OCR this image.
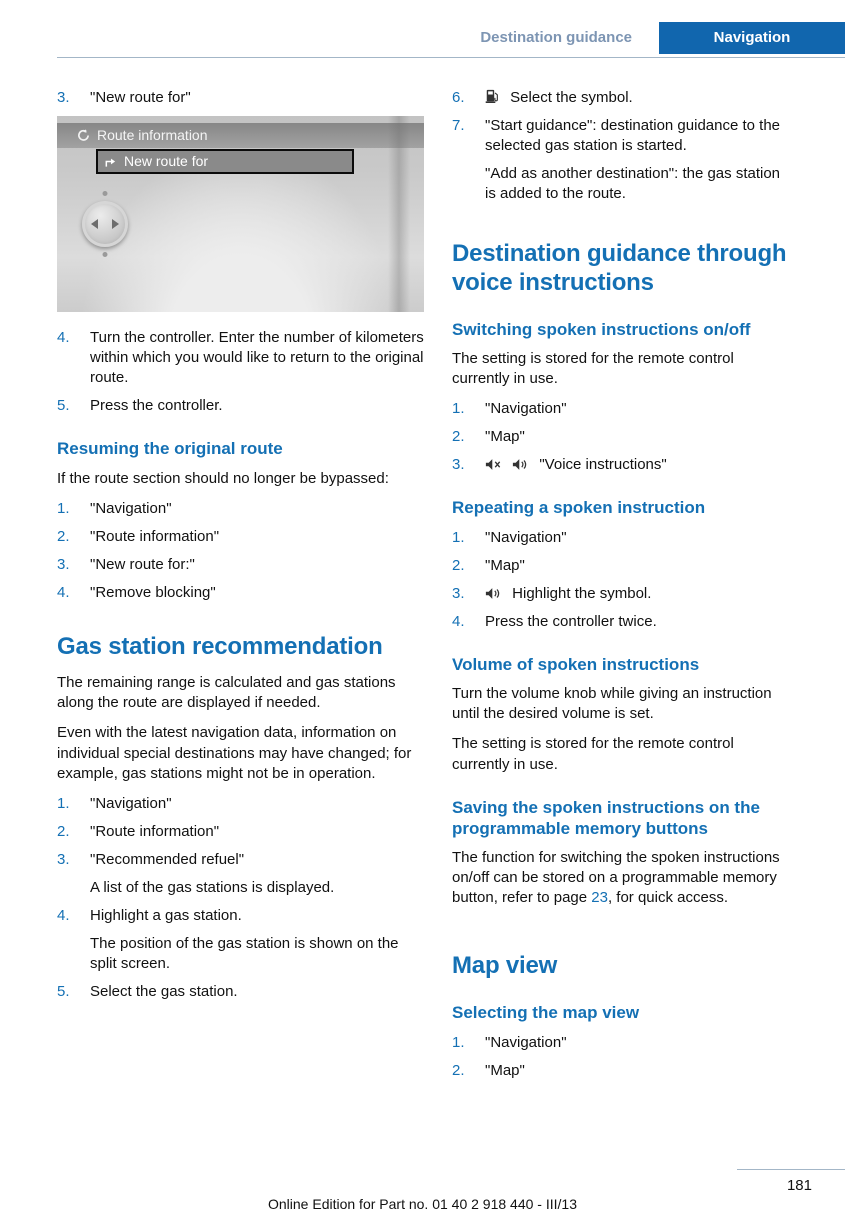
Destination guidance	Navigation
3.	"New route for"
Route information
New route for
4.	Turn the controller. Enter the number of kilometers within which you would like to return to the original route.
5.	Press the controller.
Resuming the original route

If the route section should no longer be bypassed:

1.	"Navigation"
2.	"Route information"
3.	"New route for:"
4.	"Remove blocking"
Gas station recommendation

The remaining range is calculated and gas stations along the route are displayed if needed.

Even with the latest navigation data, information on individual special destinations may have changed; for example, gas stations might not be in operation.

1.	"Navigation"
2.	"Route information"
3.	"Recommended refuel"

A list of the gas stations is displayed.

4.	Highlight a gas station.

The position of the gas station is shown on the split screen.

5.	Select the gas station.
6.	Select the symbol.
7.	"Start guidance": destination guidance to the selected gas station is started.

"Add as another destination": the gas station is added to the route.

Destination guidance through voice instructions
Switching spoken instructions on/off

The setting is stored for the remote control currently in use.

1.	"Navigation"
2.	"Map"
3.	"Voice instructions"
Repeating a spoken instruction
1.	"Navigation"
2.	"Map"
3.	Highlight the symbol.
4.	Press the controller twice.
Volume of spoken instructions

Turn the volume knob while giving an instruction until the desired volume is set.

The setting is stored for the remote control currently in use.

Saving the spoken instructions on the programmable memory buttons

The function for switching the spoken instructions on/off can be stored on a programmable memory button, refer to page 23, for quick access.

Map view
Selecting the map view
1.	"Navigation"
2.	"Map"
181
Online Edition for Part no. 01 40 2 918 440 - III/13
